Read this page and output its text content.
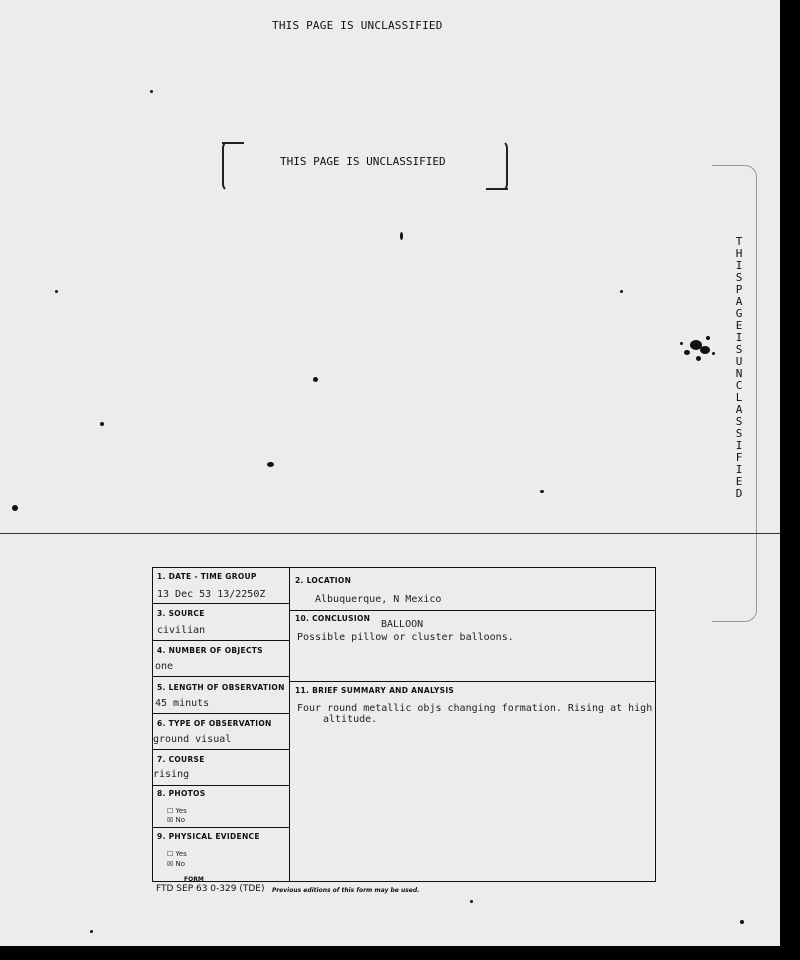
THIS PAGE IS UNCLASSIFIED
THIS PAGE IS UNCLASSIFIED
THIS PAGE IS UNCLASSIFIED
1. DATE - TIME GROUP
13 Dec 53 13/2250Z
3. SOURCE
civilian
4. NUMBER OF OBJECTS
one
5. LENGTH OF OBSERVATION
45 minuts
6. TYPE OF OBSERVATION
ground visual
7. COURSE
rising
8. PHOTOS
☐ Yes
☒ No
9. PHYSICAL EVIDENCE
☐ Yes
☒ No
2. LOCATION
Albuquerque, N Mexico
10. CONCLUSION
BALLOON
Possible pillow or cluster balloons.
11. BRIEF SUMMARY AND ANALYSIS
Four round metallic objs changing formation. Rising at high
altitude.
FORM
FTD SEP 63 0-329 (TDE) Previous editions of this form may be used.
